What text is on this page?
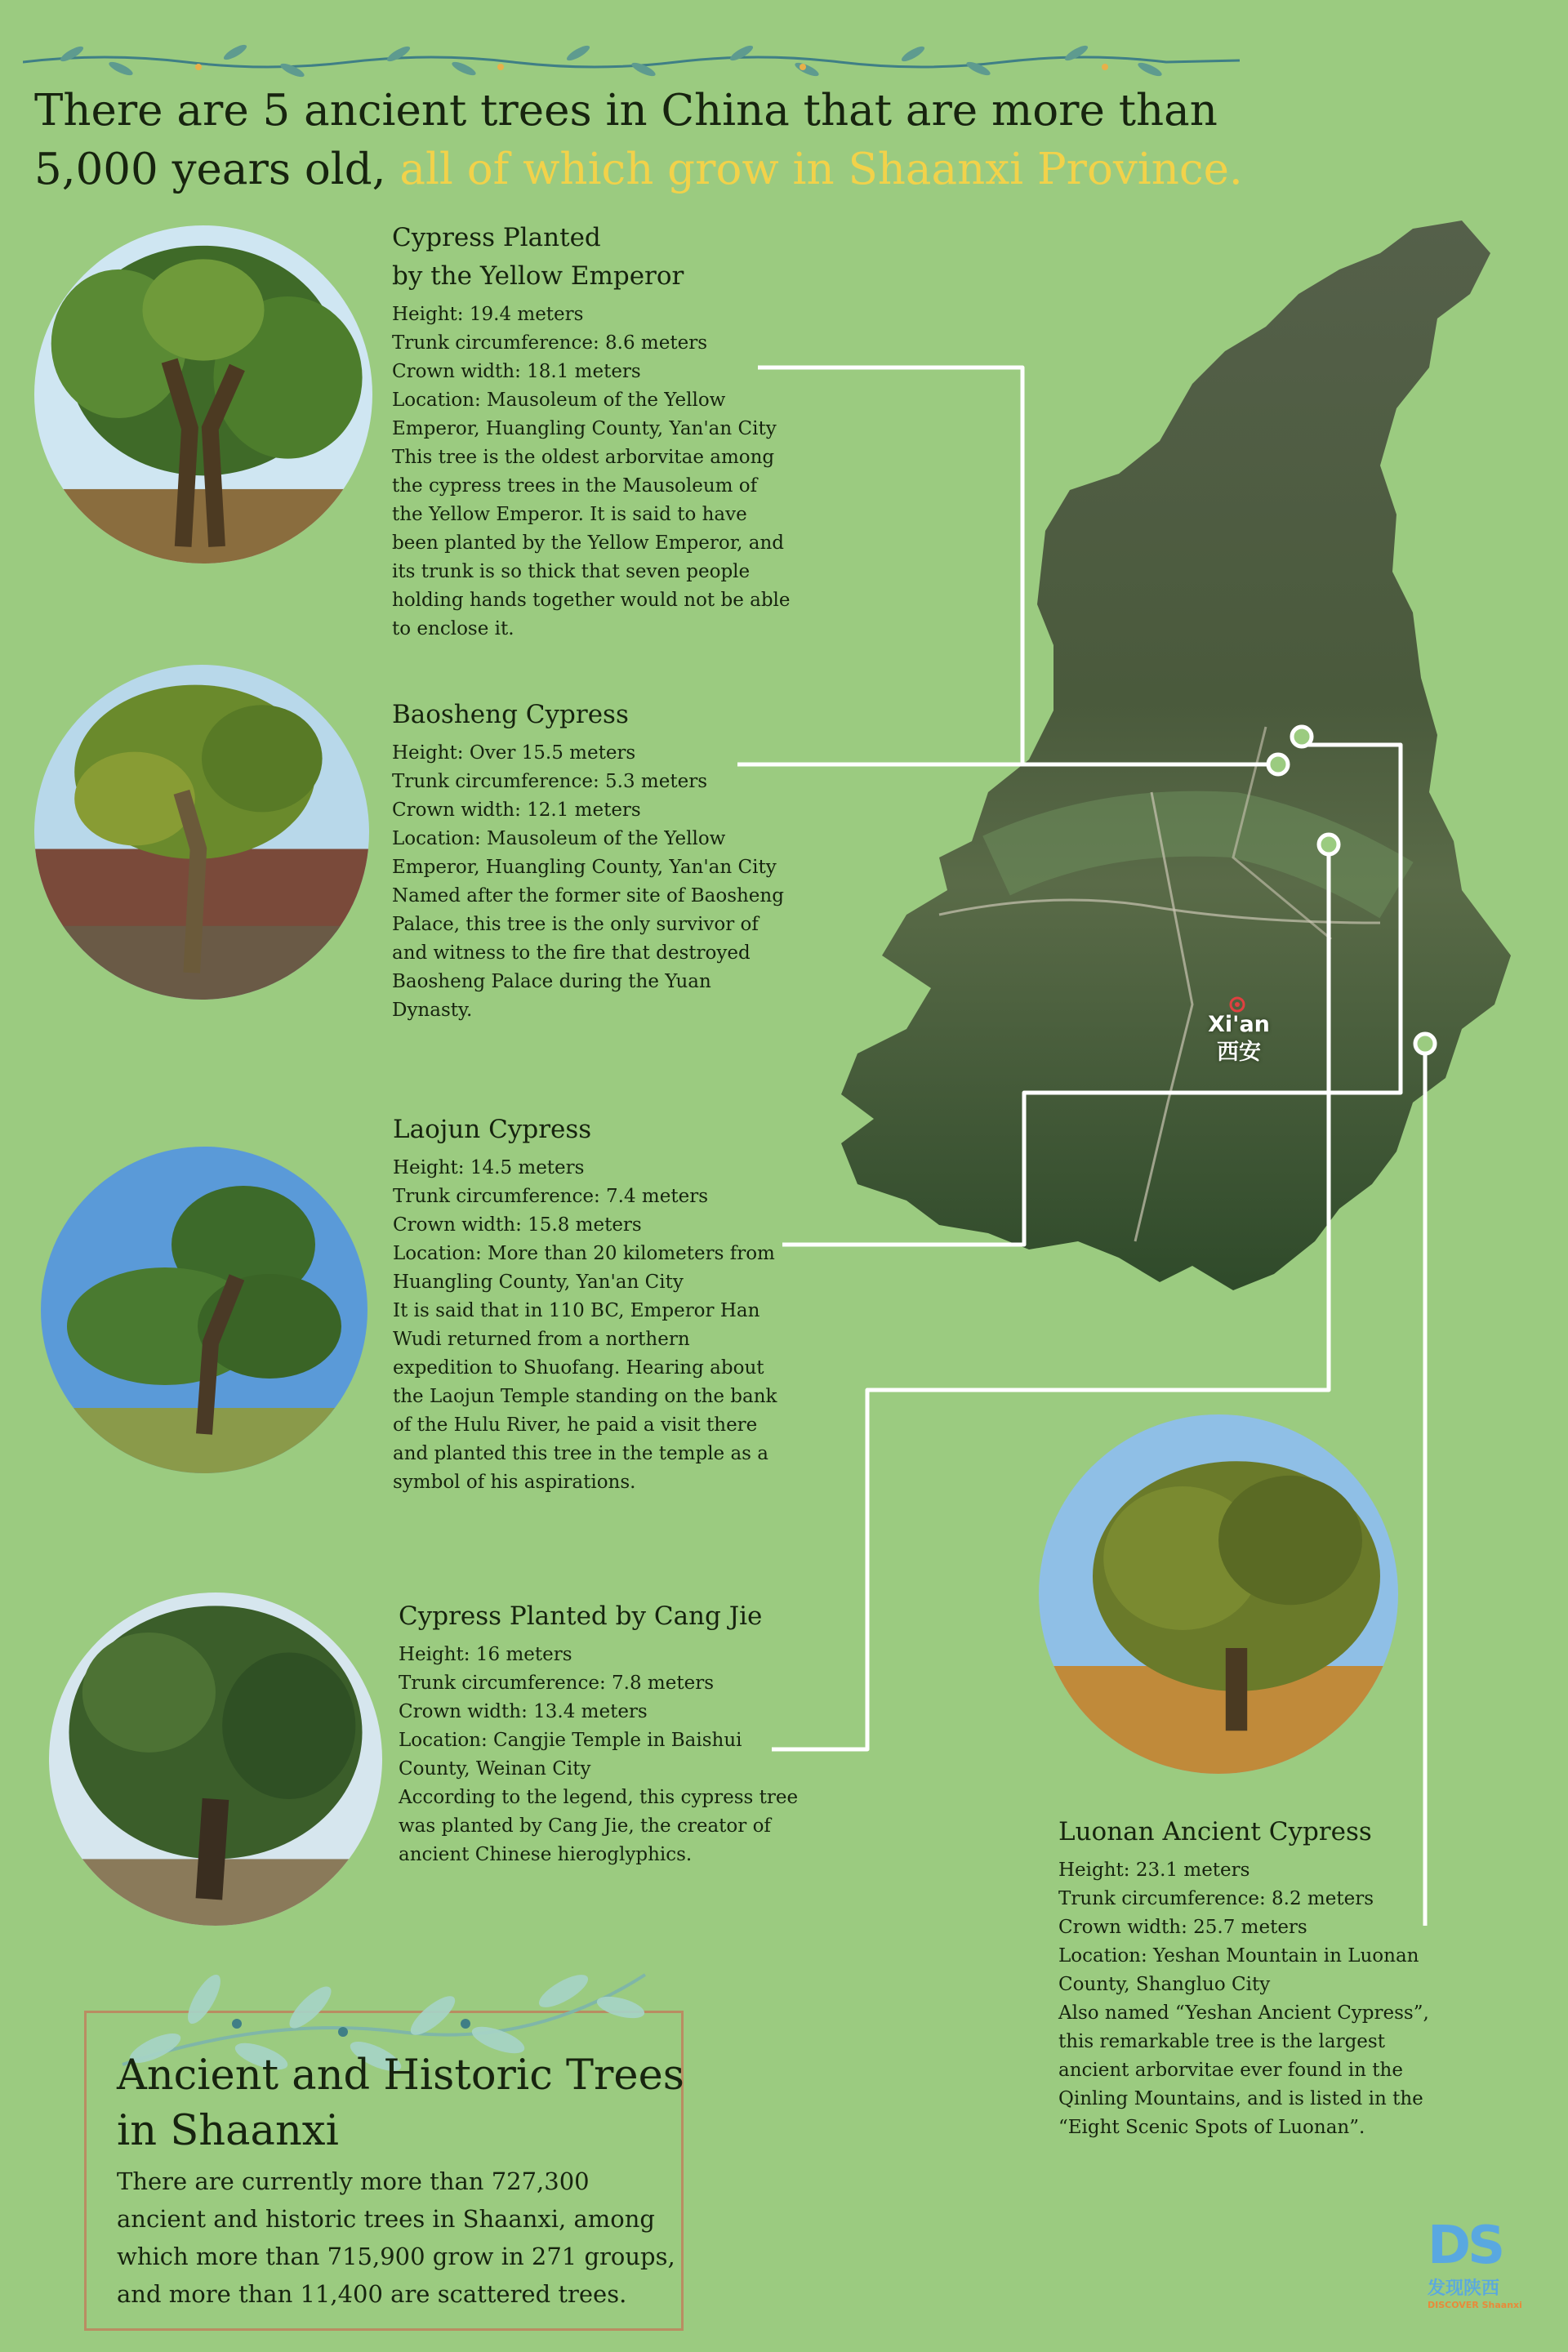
There are 5 ancient trees in China that are more than 5,000 years old, all of which grow in Shaanxi Province.
Xi'an
西安
Cypress Planted
by the Yellow Emperor
Height: 19.4 meters
Trunk circumference: 8.6 meters
Crown width: 18.1 meters
Location: Mausoleum of the Yellow Emperor, Huangling County, Yan'an City
This tree is the oldest arborvitae among the cypress trees in the Mausoleum of the Yellow Emperor. It is said to have been planted by the Yellow Emperor, and its trunk is so thick that seven people holding hands together would not be able to enclose it.
Baosheng Cypress
Height: Over 15.5 meters
Trunk circumference: 5.3 meters
Crown width: 12.1 meters
Location: Mausoleum of the Yellow Emperor, Huangling County, Yan'an City
Named after the former site of Baosheng Palace, this tree is the only survivor of and witness to the fire that destroyed Baosheng Palace during the Yuan Dynasty.
Laojun Cypress
Height: 14.5 meters
Trunk circumference: 7.4 meters
Crown width: 15.8 meters
Location: More than 20 kilometers from Huangling County, Yan'an City
It is said that in 110 BC, Emperor Han Wudi returned from a northern expedition to Shuofang. Hearing about the Laojun Temple standing on the bank of the Hulu River, he paid a visit there and planted this tree in the temple as a symbol of his aspirations.
Cypress Planted by Cang Jie
Height: 16 meters
Trunk circumference: 7.8 meters
Crown width: 13.4 meters
Location: Cangjie Temple in Baishui County, Weinan City
According to the legend, this cypress tree was planted by Cang Jie, the creator of ancient Chinese hieroglyphics.
Luonan Ancient Cypress
Height: 23.1 meters
Trunk circumference: 8.2 meters
Crown width: 25.7 meters
Location: Yeshan Mountain in Luonan County, Shangluo City
Also named “Yeshan Ancient Cypress”, this remarkable tree is the largest ancient arborvitae ever found in the Qinling Mountains, and is listed in the “Eight Scenic Spots of Luonan”.
Ancient and Historic Trees in Shaanxi
There are currently more than 727,300 ancient and historic trees in Shaanxi, among which more than 715,900 grow in 271 groups, and more than 11,400 are scattered trees.
DS
发现陕西
DISCOVER Shaanxi
